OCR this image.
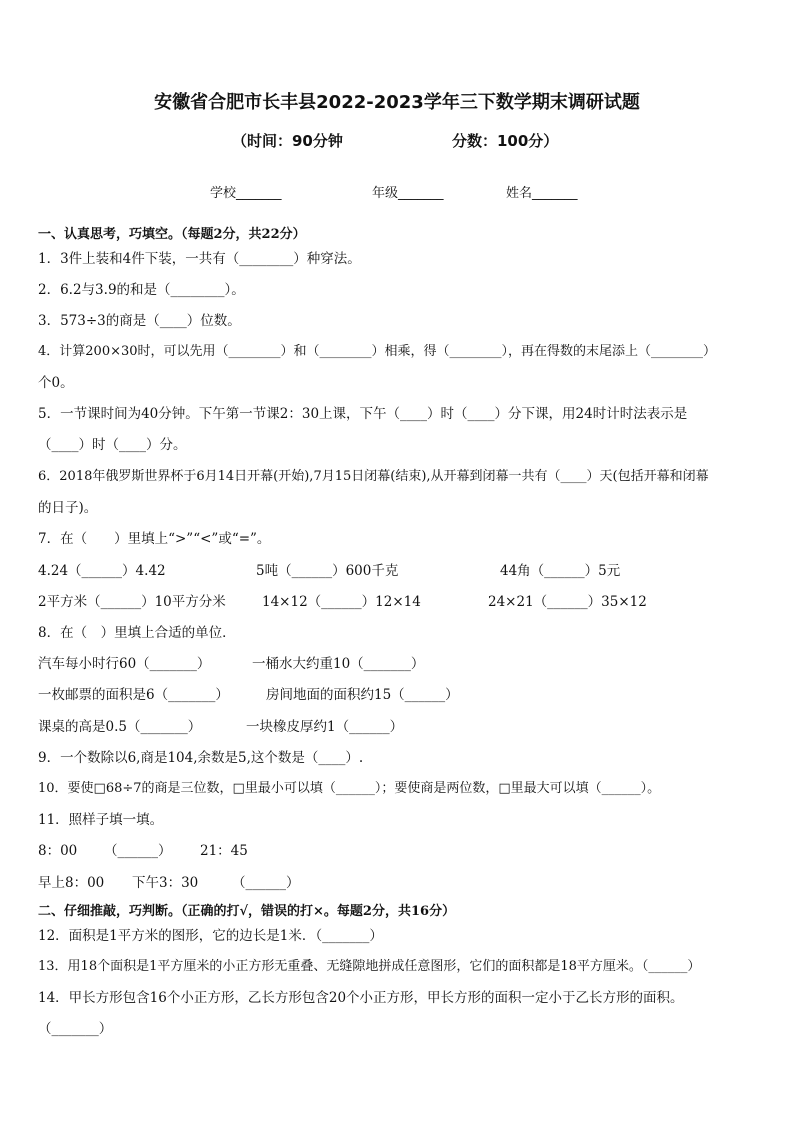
安徽省合肥市长丰县2022-2023学年三下数学期末调研试题
（时间：90分钟	分数：100分）
学校_______	年级_______	姓名_______
一、认真思考，巧填空。（每题2分，共22分）
1．3件上装和4件下装，一共有（________）种穿法。
2．6.2与3.9的和是（________）。
3．573÷3的商是（____）位数。
4．计算200×30时，可以先用（________）和（________）相乘，得（________），再在得数的末尾添上（________）
个0。
5．一节课时间为40分钟。下午第一节课2：30上课，下午（____）时（____）分下课，用24时计时法表示是
（____）时（____）分。
6．2018年俄罗斯世界杯于6月14日开幕(开始),7月15日闭幕(结束),从开幕到闭幕一共有（____）天(包括开幕和闭幕
的日子)。
7．在（　　）里填上“>”“<”或“=”。
4.24（______）4.42	5吨（______）600千克	44角（______）5元
2平方米（______）10平方分米	14×12（______）12×14	24×21（______）35×12
8．在（　）里填上合适的单位．
汽车每小时行60（_______）	一桶水大约重10（_______）
一枚邮票的面积是6（_______）	房间地面的面积约15（______）
课桌的高是0.5（_______）	一块橡皮厚约1（______）
9．一个数除以6,商是104,余数是5,这个数是（____）.
10．要使□68÷7的商是三位数，□里最小可以填（______）；要使商是两位数，□里最大可以填（______）。
11．照样子填一填。
8：00 （______） 21：45
早上8：00 下午3：30 （______）
二、仔细推敲，巧判断。（正确的打√，错误的打×。每题2分，共16分）
12．面积是1平方米的图形，它的边长是1米．（_______）
13．用18个面积是1平方厘米的小正方形无重叠、无缝隙地拼成任意图形，它们的面积都是18平方厘米。（______）
14．甲长方形包含16个小正方形，乙长方形包含20个小正方形，甲长方形的面积一定小于乙长方形的面积。
（_______）
